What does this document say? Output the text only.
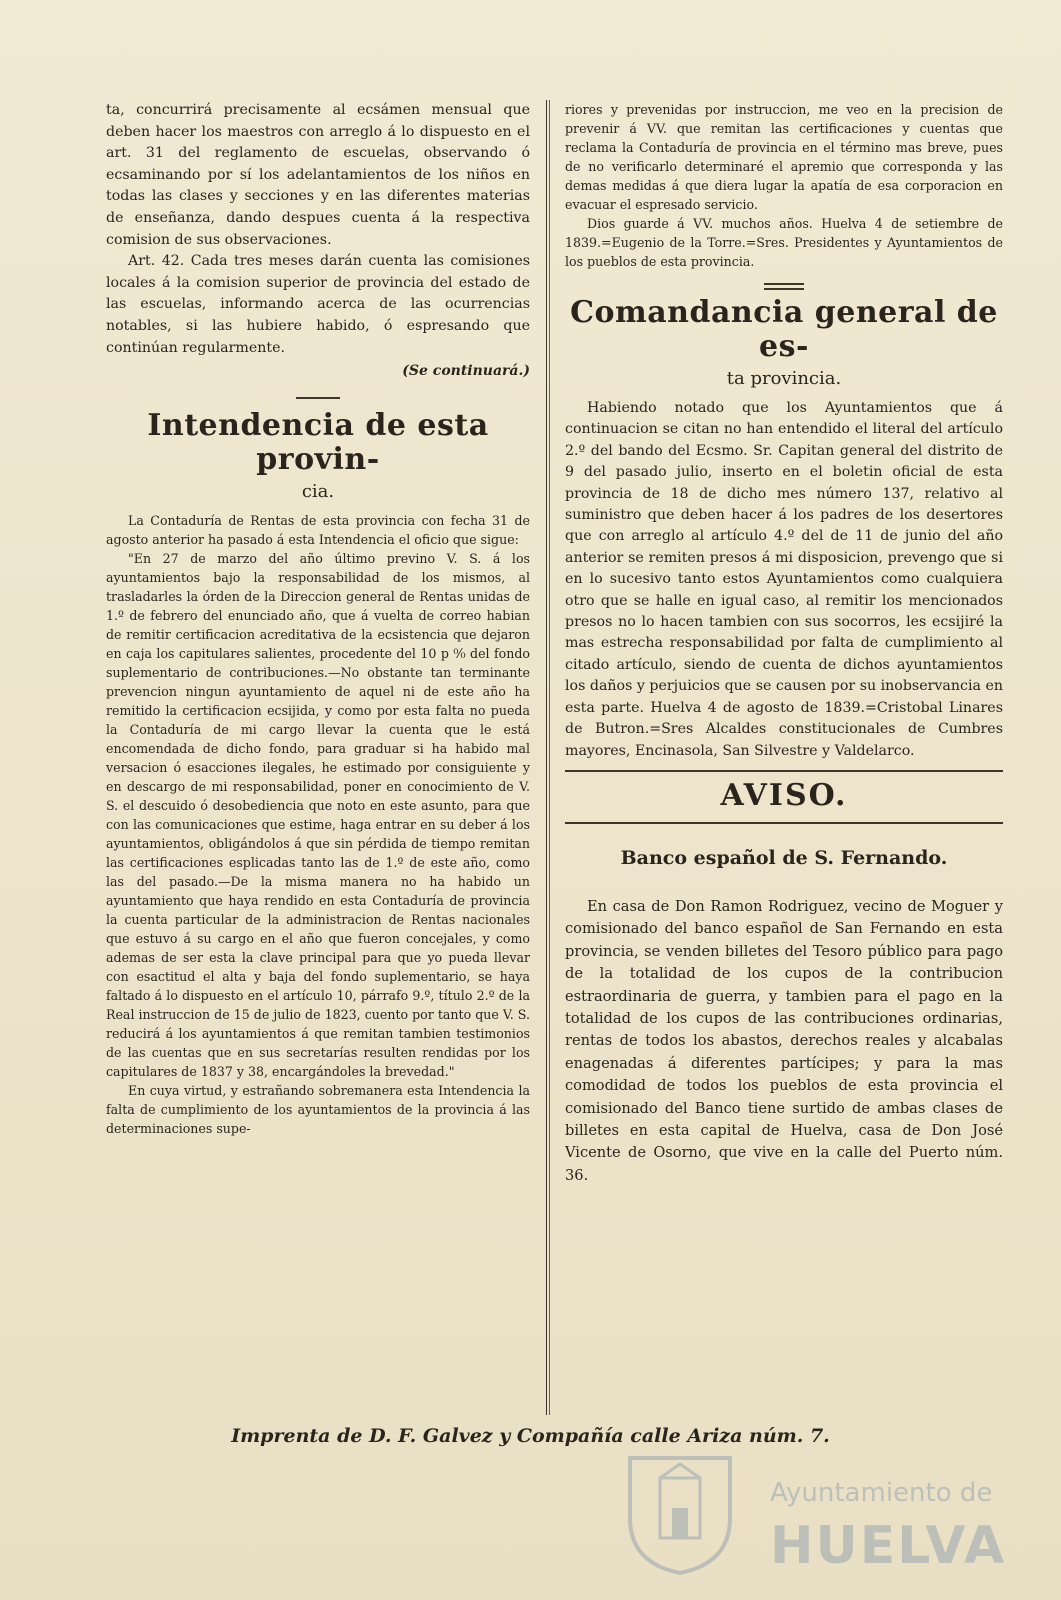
ta, concurrirá precisamente al ecsámen mensual que deben hacer los maestros con arreglo á lo dispuesto en el art. 31 del reglamento de escuelas, observando ó ecsaminando por sí los adelantamientos de los niños en todas las clases y secciones y en las diferentes materias de enseñanza, dando despues cuenta á la respectiva comision de sus observaciones.

Art. 42. Cada tres meses darán cuenta las comisiones locales á la comision superior de provincia del estado de las escuelas, informando acerca de las ocurrencias notables, si las hubiere habido, ó espresando que continúan regularmente.

(Se continuará.)

Intendencia de esta provin-
cia.

La Contaduría de Rentas de esta provincia con fecha 31 de agosto anterior ha pasado á esta Intendencia el oficio que sigue:

"En 27 de marzo del año último previno V. S. á los ayuntamientos bajo la responsabilidad de los mismos, al trasladarles la órden de la Direccion general de Rentas unidas de 1.º de febrero del enunciado año, que á vuelta de correo habian de remitir certificacion acreditativa de la ecsistencia que dejaron en caja los capitulares salientes, procedente del 10 p ⁰⁄₀ del fondo suplementario de contribuciones.—No obstante tan terminante prevencion ningun ayuntamiento de aquel ni de este año ha remitido la certificacion ecsijida, y como por esta falta no pueda la Contaduría de mi cargo llevar la cuenta que le está encomendada de dicho fondo, para graduar si ha habido mal versacion ó esacciones ilegales, he estimado por consiguiente y en descargo de mi responsabilidad, poner en conocimiento de V. S. el descuido ó desobediencia que noto en este asunto, para que con las comunicaciones que estime, haga entrar en su deber á los ayuntamientos, obligándolos á que sin pérdida de tiempo remitan las certificaciones esplicadas tanto las de 1.º de este año, como las del pasado.—De la misma manera no ha habido un ayuntamiento que haya rendido en esta Contaduría de provincia la cuenta particular de la administracion de Rentas nacionales que estuvo á su cargo en el año que fueron concejales, y como ademas de ser esta la clave principal para que yo pueda llevar con esactitud el alta y baja del fondo suplementario, se haya faltado á lo dispuesto en el artículo 10, párrafo 9.º, título 2.º de la Real instruccion de 15 de julio de 1823, cuento por tanto que V. S. reducirá á los ayuntamientos á que remitan tambien testimonios de las cuentas que en sus secretarías resulten rendidas por los capitulares de 1837 y 38, encargándoles la brevedad."

En cuya virtud, y estrañando sobremanera esta Intendencia la falta de cumplimiento de los ayuntamientos de la provincia á las determinaciones supe-

riores y prevenidas por instruccion, me veo en la precision de prevenir á VV. que remitan las certificaciones y cuentas que reclama la Contaduría de provincia en el término mas breve, pues de no verificarlo determinaré el apremio que corresponda y las demas medidas á que diera lugar la apatía de esa corporacion en evacuar el espresado servicio.

Dios guarde á VV. muchos años. Huelva 4 de setiembre de 1839.=Eugenio de la Torre.=Sres. Presidentes y Ayuntamientos de los pueblos de esta provincia.

Comandancia general de es-
ta provincia.

Habiendo notado que los Ayuntamientos que á continuacion se citan no han entendido el literal del artículo 2.º del bando del Ecsmo. Sr. Capitan general del distrito de 9 del pasado julio, inserto en el boletin oficial de esta provincia de 18 de dicho mes número 137, relativo al suministro que deben hacer á los padres de los desertores que con arreglo al artículo 4.º del de 11 de junio del año anterior se remiten presos á mi disposicion, prevengo que si en lo sucesivo tanto estos Ayuntamientos como cualquiera otro que se halle en igual caso, al remitir los mencionados presos no lo hacen tambien con sus socorros, les ecsijiré la mas estrecha responsabilidad por falta de cumplimiento al citado artículo, siendo de cuenta de dichos ayuntamientos los daños y perjuicios que se causen por su inobservancia en esta parte. Huelva 4 de agosto de 1839.=Cristobal Linares de Butron.=Sres Alcaldes constitucionales de Cumbres mayores, Encinasola, San Silvestre y Valdelarco.

AVISO.
Banco español de S. Fernando.

En casa de Don Ramon Rodriguez, vecino de Moguer y comisionado del banco español de San Fernando en esta provincia, se venden billetes del Tesoro público para pago de la totalidad de los cupos de la contribucion estraordinaria de guerra, y tambien para el pago en la totalidad de los cupos de las contribuciones ordinarias, rentas de todos los abastos, derechos reales y alcabalas enagenadas á diferentes partícipes; y para la mas comodidad de todos los pueblos de esta provincia el comisionado del Banco tiene surtido de ambas clases de billetes en esta capital de Huelva, casa de Don José Vicente de Osorno, que vive en la calle del Puerto núm. 36.

Imprenta de D. F. Galvez y Compañía calle Ariza núm. 7.
Ayuntamiento de
HUELVA
